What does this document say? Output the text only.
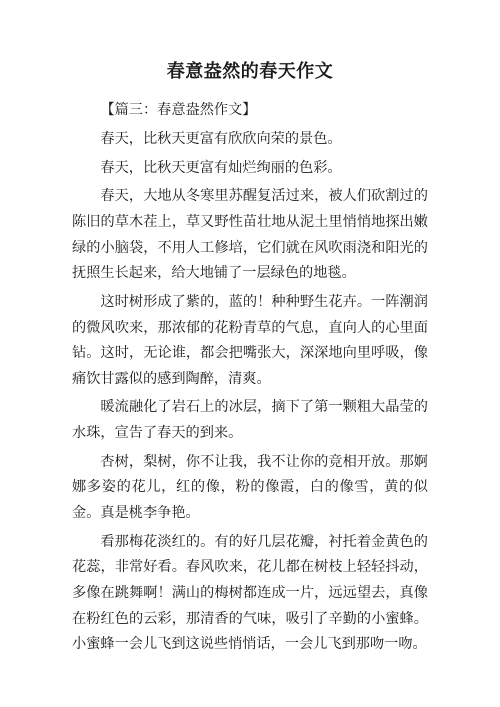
春意盎然的春天作文
【篇三：春意盎然作文】

春天，比秋天更富有欣欣向荣的景色。

春天，比秋天更富有灿烂绚丽的色彩。

春天，大地从冬寒里苏醒复活过来，被人们砍割过的陈旧的草木茬上，草又野性苗壮地从泥土里悄悄地探出嫩绿的小脑袋，不用人工修培，它们就在风吹雨浇和阳光的抚照生长起来，给大地铺了一层绿色的地毯。

这时树形成了紫的，蓝的！种种野生花卉。一阵潮润的微风吹来，那浓郁的花粉青草的气息，直向人的心里面钻。这时，无论谁，都会把嘴张大，深深地向里呼吸，像痛饮甘露似的感到陶醉，清爽。

暖流融化了岩石上的冰层，摘下了第一颗粗大晶莹的水珠，宣告了春天的到来。

杏树，梨树，你不让我，我不让你的竞相开放。那婀娜多姿的花儿，红的像，粉的像霞，白的像雪，黄的似金。真是桃李争艳。

看那梅花淡红的。有的好几层花瓣，衬托着金黄色的花蕊，非常好看。春风吹来，花儿都在树枝上轻轻抖动，多像在跳舞啊！满山的梅树都连成一片，远远望去，真像在粉红色的云彩，那清香的气味，吸引了辛勤的小蜜蜂。小蜜蜂一会儿飞到这说些悄悄话，一会儿飞到那吻一吻。
